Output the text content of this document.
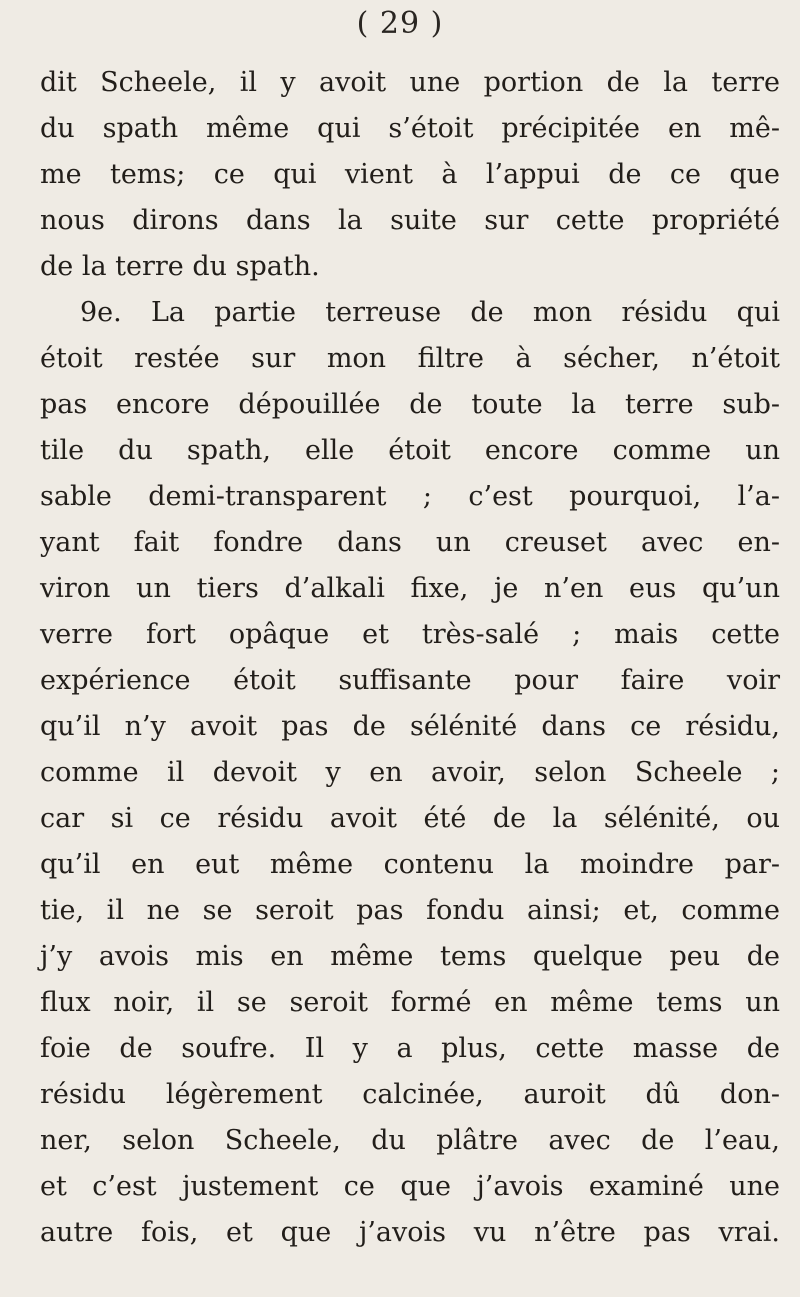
( 29 )
dit Scheele, il y avoit une portion de la terre
du spath même qui s’étoit précipitée en mê-
me tems; ce qui vient à l’appui de ce que
nous dirons dans la suite sur cette propriété
de la terre du spath.
9e. La partie terreuse de mon résidu qui
étoit restée sur mon filtre à sécher, n’étoit
pas encore dépouillée de toute la terre sub-
tile du spath, elle étoit encore comme un
sable demi-transparent ; c’est pourquoi, l’a-
yant fait fondre dans un creuset avec en-
viron un tiers d’alkali fixe, je n’en eus qu’un
verre fort opâque et très-salé ; mais cette
expérience étoit suffisante pour faire voir
qu’il n’y avoit pas de sélénité dans ce résidu,
comme il devoit y en avoir, selon Scheele ;
car si ce résidu avoit été de la sélénité, ou
qu’il en eut même contenu la moindre par-
tie, il ne se seroit pas fondu ainsi; et, comme
j’y avois mis en même tems quelque peu de
flux noir, il se seroit formé en même tems un
foie de soufre. Il y a plus, cette masse de
résidu légèrement calcinée, auroit dû don-
ner, selon Scheele, du plâtre avec de l’eau,
et c’est justement ce que j’avois examiné une
autre fois, et que j’avois vu n’être pas vrai.
